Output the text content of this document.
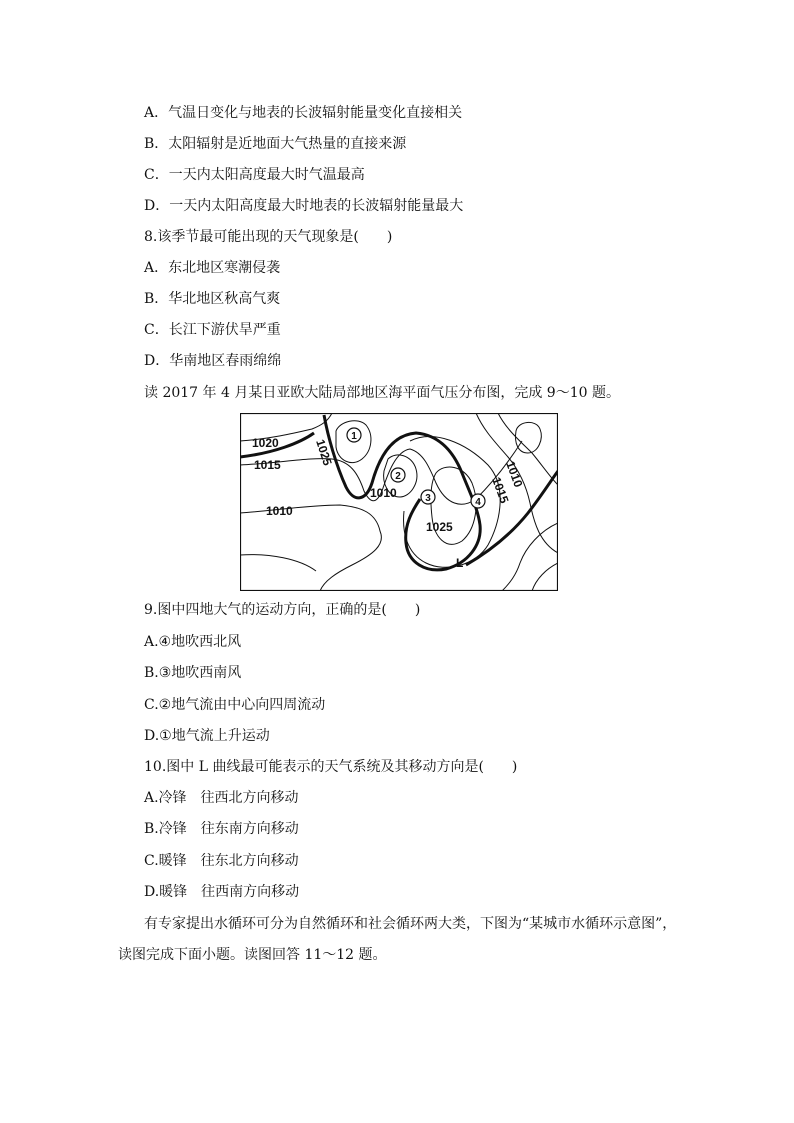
A．气温日变化与地表的长波辐射能量变化直接相关
B．太阳辐射是近地面大气热量的直接来源
C．一天内太阳高度最大时气温最高
D．一天内太阳高度最大时地表的长波辐射能量最大
8.该季节最可能出现的天气现象是(　　)
A．东北地区寒潮侵袭
B．华北地区秋高气爽
C．长江下游伏旱严重
D．华南地区春雨绵绵
读 2017 年 4 月某日亚欧大陆局部地区海平面气压分布图，完成 9～10 题。
1020
1015
1010
1025
1010
1025
1015
1010
1
2
3	4
L
9.图中四地大气的运动方向，正确的是(　　)
A.④地吹西北风
B.③地吹西南风
C.②地气流由中心向四周流动
D.①地气流上升运动
10.图中 L 曲线最可能表示的天气系统及其移动方向是(　　)
A.冷锋　往西北方向移动
B.冷锋　往东南方向移动
C.暖锋　往东北方向移动
D.暖锋　往西南方向移动
有专家提出水循环可分为自然循环和社会循环两大类，下图为“某城市水循环示意图”，
读图完成下面小题。读图回答 11～12 题。
